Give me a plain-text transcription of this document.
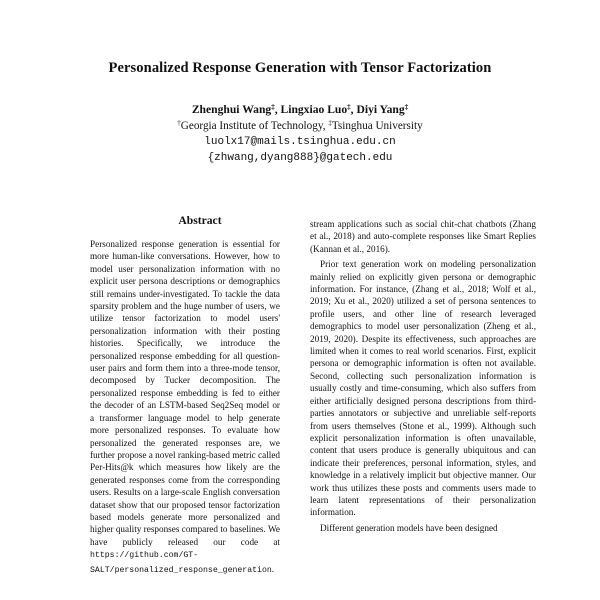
Personalized Response Generation with Tensor Factorization
Zhenghui Wang‡, Lingxiao Luo‡, Diyi Yang‡
†Georgia Institute of Technology, ‡Tsinghua University
luolx17@mails.tsinghua.edu.cn
{zhwang,dyang888}@gatech.edu
Abstract
Personalized response generation is essential for more human-like conversations. However, how to model user personalization information with no explicit user persona descriptions or demographics still remains under-investigated. To tackle the data sparsity problem and the huge number of users, we utilize tensor factorization to model users' personalization information with their posting histories. Specifically, we introduce the personalized response embedding for all question-user pairs and form them into a three-mode tensor, decomposed by Tucker decomposition. The personalized response embedding is fed to either the decoder of an LSTM-based Seq2Seq model or a transformer language model to help generate more personalized responses. To evaluate how personalized the generated responses are, we further propose a novel ranking-based metric called Per-Hits@k which measures how likely are the generated responses come from the corresponding users. Results on a large-scale English conversation dataset show that our proposed tensor factorization based models generate more personalized and higher quality responses compared to baselines. We have publicly released our code at https://github.com/GT-SALT/personalized_response_generation.

stream applications such as social chit-chat chatbots (Zhang et al., 2018) and auto-complete responses like Smart Replies (Kannan et al., 2016).

Prior text generation work on modeling personalization mainly relied on explicitly given persona or demographic information. For instance, (Zhang et al., 2018; Wolf et al., 2019; Xu et al., 2020) utilized a set of persona sentences to profile users, and other line of research leveraged demographics to model user personalization (Zheng et al., 2019, 2020). Despite its effectiveness, such approaches are limited when it comes to real world scenarios. First, explicit persona or demographic information is often not available. Second, collecting such personalization information is usually costly and time-consuming, which also suffers from either artificially designed persona descriptions from third-parties annotators or subjective and unreliable self-reports from users themselves (Stone et al., 1999). Although such explicit personalization information is often unavailable, content that users produce is generally ubiquitous and can indicate their preferences, personal information, styles, and knowledge in a relatively implicit but objective manner. Our work thus utilizes these posts and comments users made to learn latent representations of their personalization information.

Different generation models have been designed
